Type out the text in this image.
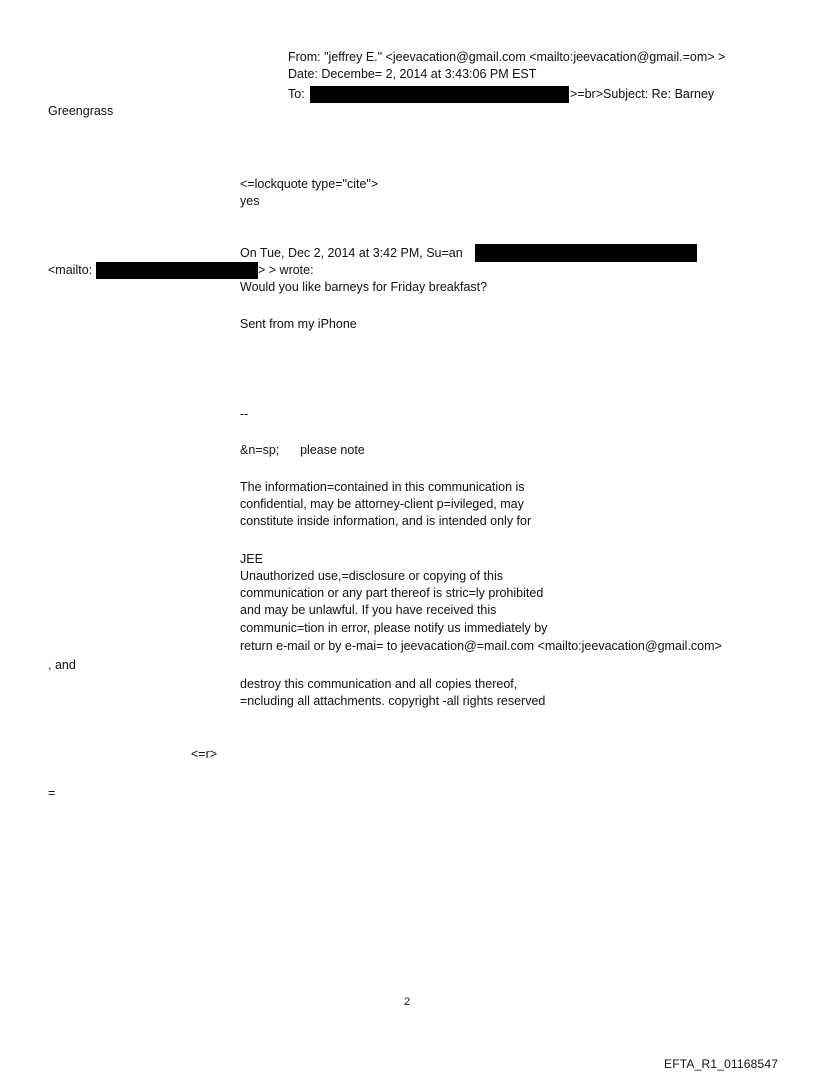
From: "jeffrey E." <jeevacation@gmail.com <mailto:jeevacation@gmail.=om> >
Date: Decembe= 2, 2014 at 3:43:06 PM EST
To:	>=br>Subject: Re: Barney
Greengrass
<=lockquote type="cite">
yes
On Tue, Dec 2, 2014 at 3:42 PM, Su=an
<mailto:	> > wrote:
Would you like barneys for Friday breakfast?
Sent from my iPhone
--
&n=sp;      please note
The information=contained in this communication is
confidential, may be attorney-client p=ivileged, may
constitute inside information, and is intended only for
JEE
Unauthorized use,=disclosure or copying of this
communication or any part thereof is stric=ly prohibited
and may be unlawful. If you have received this
communic=tion in error, please notify us immediately by
return e-mail or by e-mai= to jeevacation@=mail.com <mailto:jeevacation@gmail.com>
, and
destroy this communication and all copies thereof,
=ncluding all attachments. copyright -all rights reserved
<=r>
=
2
EFTA_R1_01168547
